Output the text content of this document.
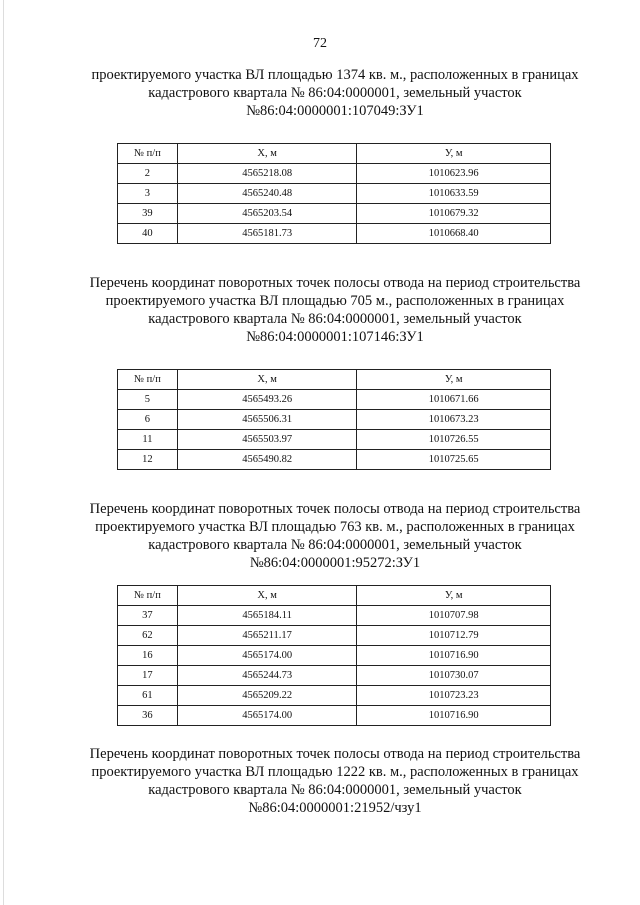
72
проектируемого участка ВЛ площадью 1374 кв. м., расположенных в границах
кадастрового квартала № 86:04:0000001, земельный участок
№86:04:0000001:107049:ЗУ1
№ п/п	Х, м	У, м
2	4565218.08	1010623.96
3	4565240.48	1010633.59
39	4565203.54	1010679.32
40	4565181.73	1010668.40
Перечень координат поворотных точек полосы отвода на период строительства
проектируемого участка ВЛ площадью 705 м., расположенных в границах
кадастрового квартала № 86:04:0000001, земельный участок
№86:04:0000001:107146:ЗУ1
№ п/п	Х, м	У, м
5	4565493.26	1010671.66
6	4565506.31	1010673.23
11	4565503.97	1010726.55
12	4565490.82	1010725.65
Перечень координат поворотных точек полосы отвода на период строительства
проектируемого участка ВЛ площадью 763 кв. м., расположенных в границах
кадастрового квартала № 86:04:0000001, земельный участок
№86:04:0000001:95272:ЗУ1
№ п/п	Х, м	У, м
37	4565184.11	1010707.98
62	4565211.17	1010712.79
16	4565174.00	1010716.90
17	4565244.73	1010730.07
61	4565209.22	1010723.23
36	4565174.00	1010716.90
Перечень координат поворотных точек полосы отвода на период строительства
проектируемого участка ВЛ площадью 1222 кв. м., расположенных в границах
кадастрового квартала № 86:04:0000001, земельный участок
№86:04:0000001:21952/чзу1
